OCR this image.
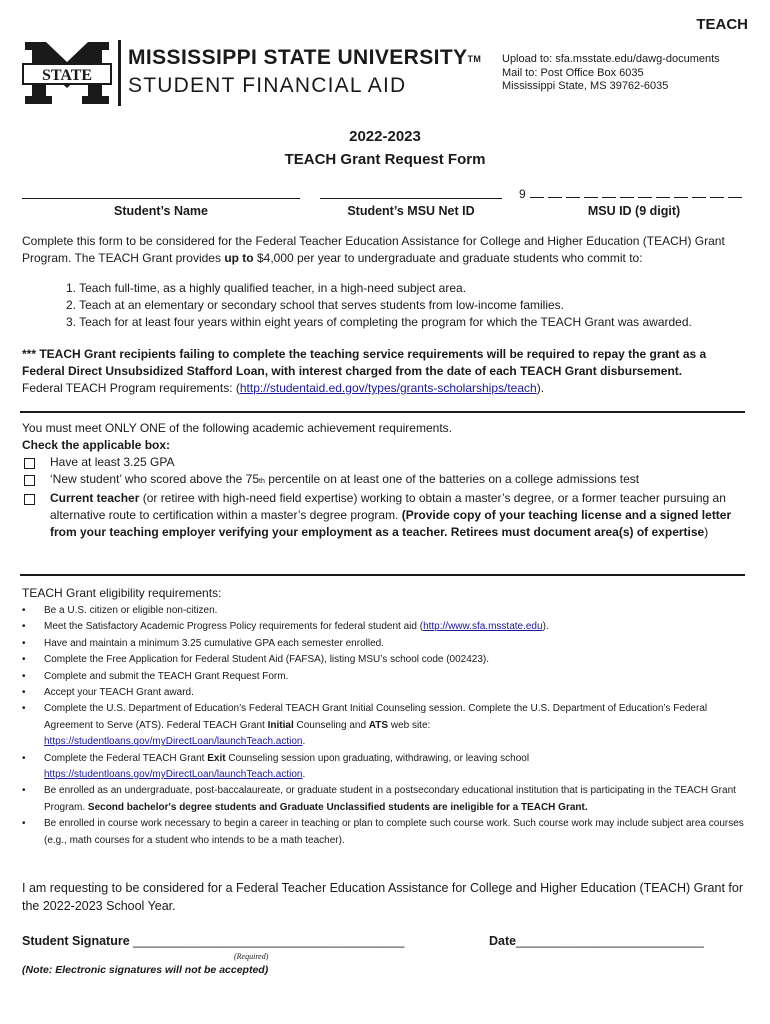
TEACH
STATE
MISSISSIPPI STATE UNIVERSITY™
STUDENT FINANCIAL AID
Upload to: sfa.msstate.edu/dawg-documents
Mail to: Post Office Box 6035
Mississippi State, MS 39762-6035
2022-2023
TEACH Grant Request Form
9
Student’s Name	Student’s MSU Net ID	MSU ID (9 digit)
Complete this form to be considered for the Federal Teacher Education Assistance for College and Higher Education (TEACH) Grant Program. The TEACH Grant provides up to $4,000 per year to undergraduate and graduate students who commit to:
1. Teach full-time, as a highly qualified teacher, in a high-need subject area.
2. Teach at an elementary or secondary school that serves students from low-income families.
3. Teach for at least four years within eight years of completing the program for which the TEACH Grant was awarded.
*** TEACH Grant recipients failing to complete the teaching service requirements will be required to repay the grant as a Federal Direct Unsubsidized Stafford Loan, with interest charged from the date of each TEACH Grant disbursement.
Federal TEACH Program requirements: (http://studentaid.ed.gov/types/grants-scholarships/teach).
You must meet ONLY ONE of the following academic achievement requirements.
Check the applicable box:
Have at least 3.25 GPA
‘New student’ who scored above the 75th percentile on at least one of the batteries on a college admissions test
Current teacher (or retiree with high-need field expertise) working to obtain a master’s degree, or a former teacher pursuing an alternative route to certification within a master’s degree program. (Provide copy of your teaching license and a signed letter from your teaching employer verifying your employment as a teacher. Retirees must document area(s) of expertise)
TEACH Grant eligibility requirements:
• Be a U.S. citizen or eligible non-citizen.
• Meet the Satisfactory Academic Progress Policy requirements for federal student aid (http://www.sfa.msstate.edu).
• Have and maintain a minimum 3.25 cumulative GPA each semester enrolled.
• Complete the Free Application for Federal Student Aid (FAFSA), listing MSU’s school code (002423).
• Complete and submit the TEACH Grant Request Form.
• Accept your TEACH Grant award.
• Complete the U.S. Department of Education’s Federal TEACH Grant Initial Counseling session. Complete the U.S. Department of Education’s Federal Agreement to Serve (ATS). Federal TEACH Grant Initial Counseling and ATS web site:
https://studentloans.gov/myDirectLoan/launchTeach.action.
• Complete the Federal TEACH Grant Exit Counseling session upon graduating, withdrawing, or leaving school
https://studentloans.gov/myDirectLoan/launchTeach.action.
• Be enrolled as an undergraduate, post-baccalaureate, or graduate student in a postsecondary educational institution that is participating in the TEACH Grant Program. Second bachelor's degree students and Graduate Unclassified students are ineligible for a TEACH Grant.
• Be enrolled in course work necessary to begin a career in teaching or plan to complete such course work. Such course work may include subject area courses (e.g., math courses for a student who intends to be a math teacher).
I am requesting to be considered for a Federal Teacher Education Assistance for College and Higher Education (TEACH) Grant for the 2022-2023 School Year.
Student Signature _______________________________________	Date___________________________
(Required)
(Note: Electronic signatures will not be accepted)
